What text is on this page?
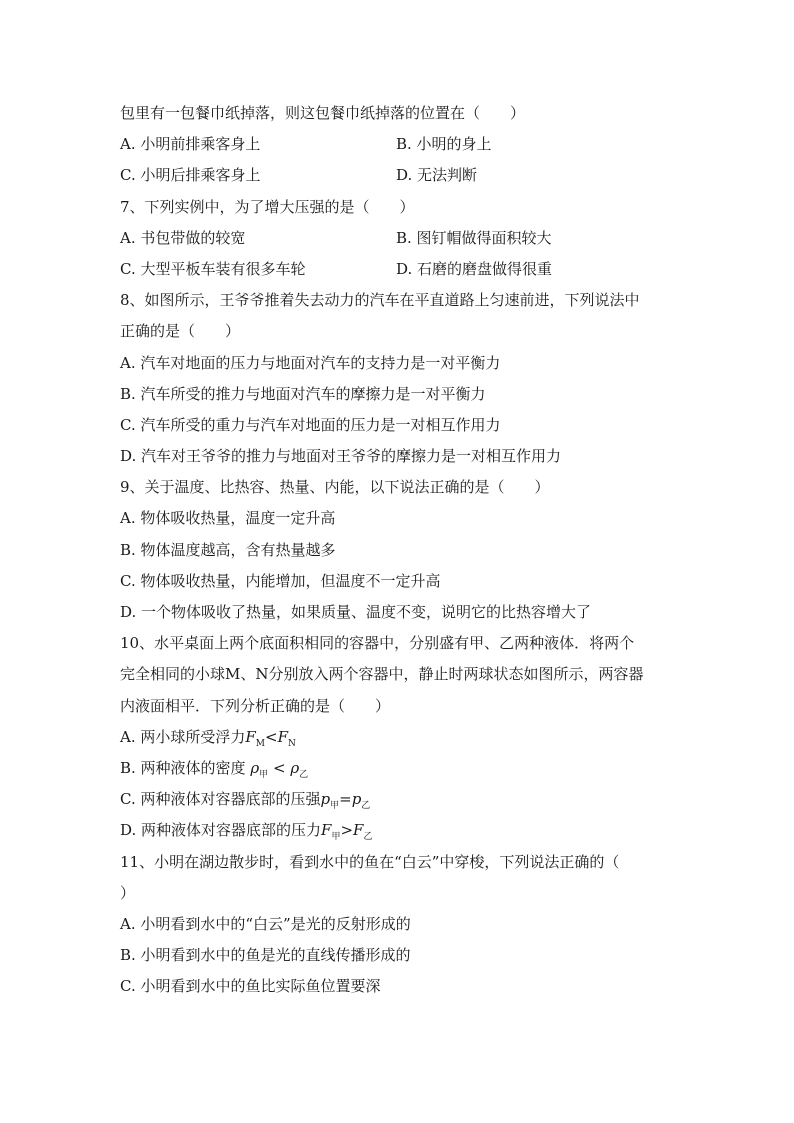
包里有一包餐巾纸掉落，则这包餐巾纸掉落的位置在（　　）
A. 小明前排乘客身上	B. 小明的身上
C. 小明后排乘客身上	D. 无法判断
7、下列实例中，为了增大压强的是（　　）
A. 书包带做的较宽	B. 图钉帽做得面积较大
C. 大型平板车装有很多车轮	D. 石磨的磨盘做得很重
8、如图所示，王爷爷推着失去动力的汽车在平直道路上匀速前进，下列说法中
正确的是（　　）
A. 汽车对地面的压力与地面对汽车的支持力是一对平衡力
B. 汽车所受的推力与地面对汽车的摩擦力是一对平衡力
C. 汽车所受的重力与汽车对地面的压力是一对相互作用力
D. 汽车对王爷爷的推力与地面对王爷爷的摩擦力是一对相互作用力
9、关于温度、比热容、热量、内能，以下说法正确的是（　　）
A. 物体吸收热量，温度一定升高
B. 物体温度越高，含有热量越多
C. 物体吸收热量，内能增加，但温度不一定升高
D. 一个物体吸收了热量，如果质量、温度不变，说明它的比热容增大了
10、水平桌面上两个底面积相同的容器中，分别盛有甲、乙两种液体．将两个
完全相同的小球M、N分别放入两个容器中，静止时两球状态如图所示，两容器
内液面相平．下列分析正确的是（　　）
A. 两小球所受浮力$F_M<F_N$
B. 两种液体的密度 $\rho_甲 < \rho_乙$
C. 两种液体对容器底部的压强$p_甲=p_乙$
D. 两种液体对容器底部的压力$F_甲>F_乙$
11、小明在湖边散步时，看到水中的鱼在“白云”中穿梭，下列说法正确的（
）
A. 小明看到水中的“白云”是光的反射形成的
B. 小明看到水中的鱼是光的直线传播形成的
C. 小明看到水中的鱼比实际鱼位置要深
